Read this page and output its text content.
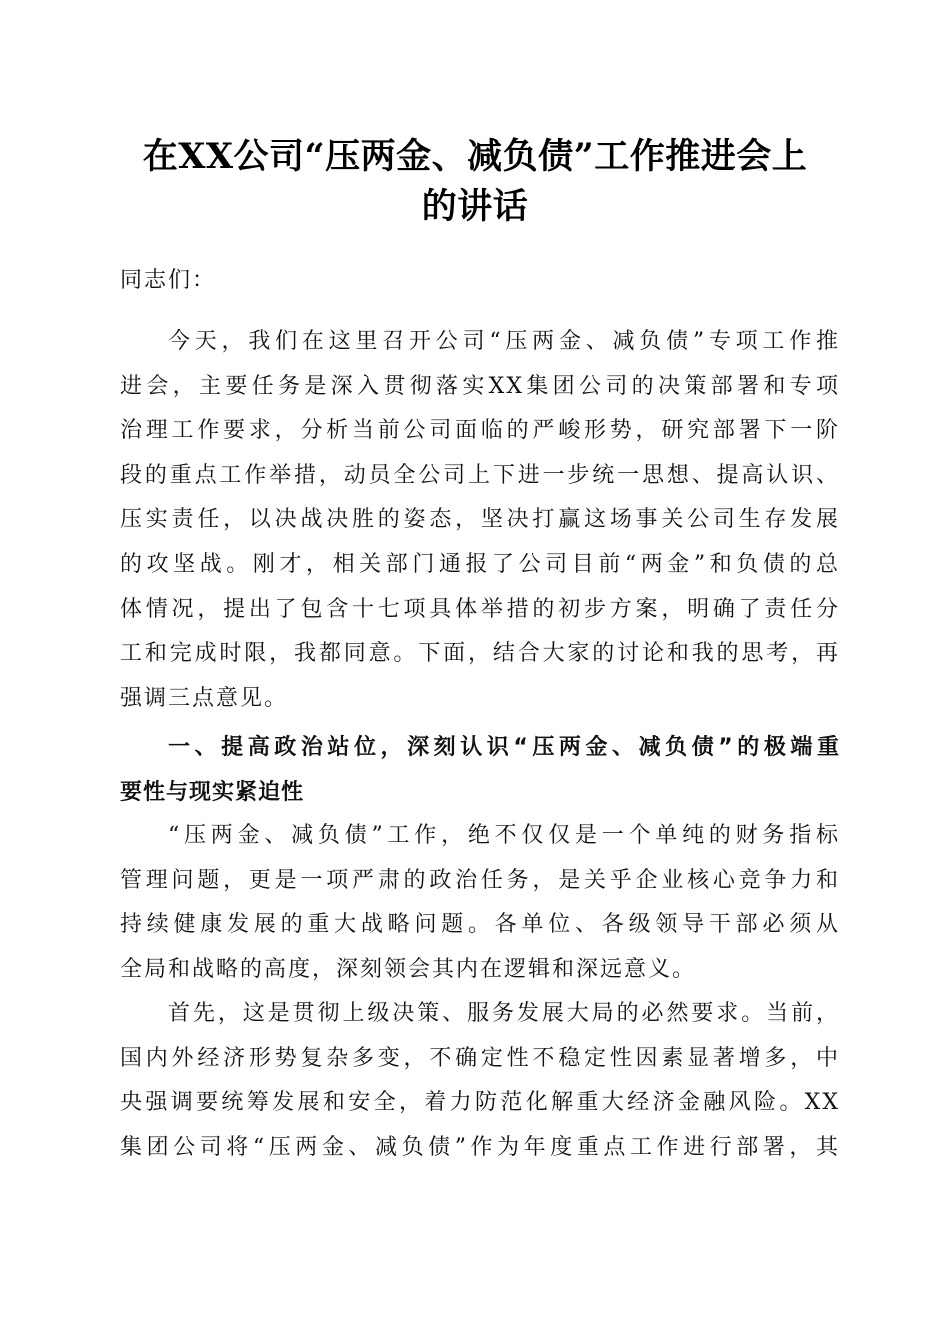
在XX公司“压两金、减负债”工作推进会上
的讲话
同志们：
今天，我们在这里召开公司“压两金、减负债”专项工作推
进会，主要任务是深入贯彻落实XX集团公司的决策部署和专项
治理工作要求，分析当前公司面临的严峻形势，研究部署下一阶
段的重点工作举措，动员全公司上下进一步统一思想、提高认识、
压实责任，以决战决胜的姿态，坚决打赢这场事关公司生存发展
的攻坚战。刚才，相关部门通报了公司目前“两金”和负债的总
体情况，提出了包含十七项具体举措的初步方案，明确了责任分
工和完成时限，我都同意。下面，结合大家的讨论和我的思考，再
强调三点意见。
一、提高政治站位，深刻认识“压两金、减负债”的极端重
要性与现实紧迫性
“压两金、减负债”工作，绝不仅仅是一个单纯的财务指标
管理问题，更是一项严肃的政治任务，是关乎企业核心竞争力和
持续健康发展的重大战略问题。各单位、各级领导干部必须从
全局和战略的高度，深刻领会其内在逻辑和深远意义。
首先，这是贯彻上级决策、服务发展大局的必然要求。当前，
国内外经济形势复杂多变，不确定性不稳定性因素显著增多，中
央强调要统筹发展和安全，着力防范化解重大经济金融风险。XX
集团公司将“压两金、减负债”作为年度重点工作进行部署，其
